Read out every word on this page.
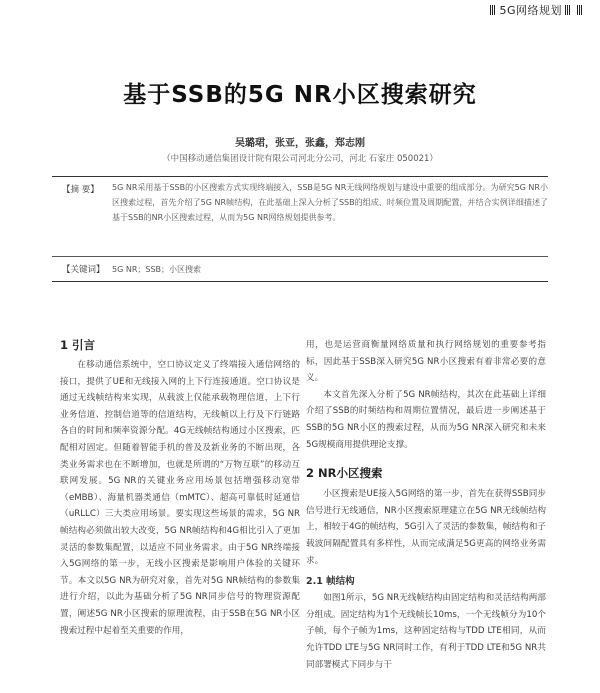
5G网络规划
基于SSB的5G NR小区搜索研究
吴璐珺，张亚，张鑫，郑志刚
（中国移动通信集团设计院有限公司河北分公司，河北 石家庄 050021）
【摘 要】 5G NR采用基于SSB的小区搜索方式实现终端接入，SSB是5G NR无线网络规划与建设中重要的组成部分。为研究5G NR小区搜索过程，首先介绍了5G NR帧结构，在此基础上深入分析了SSB的组成、时频位置及周期配置，并结合实例详细描述了基于SSB的NR小区搜索过程，从而为5G NR网络规划提供参考。
【关键词】 5G NR；SSB；小区搜索

1 引言

在移动通信系统中，空口协议定义了终端接入通信网络的接口，提供了UE和无线接入网的上下行连接通道。空口协议是通过无线帧结构来实现，从载波上仅能承载物理信道，上下行业务信道、控制信道等的信道结构，无线帧以上行及下行链路各自的时间和频率资源分配。4G无线帧结构通过小区搜索，匹配相对固定。但随着智能手机的普及及新业务的不断出现，各类业务需求也在不断增加，也就是所谓的“万物互联”的移动互联网发展。5G NR的关键业务应用场景包括增强移动宽带（eMBB）、海量机器类通信（mMTC）、超高可靠低时延通信（uRLLC）三大类应用场景。要实现这些场景的需求，5G NR帧结构必须做出较大改变，5G NR帧结构和4G相比引入了更加灵活的参数集配置，以适应不同业务需求。由于5G NR终端接入5G网络的第一步，无线小区搜索是影响用户体验的关键环节。本文以5G NR为研究对象，首先对5G NR帧结构的参数集进行介绍，以此为基础分析了5G NR同步信号的物理资源配置，阐述5G NR小区搜索的原理流程，由于SSB在5G NR小区搜索过程中起着至关重要的作用，

用，也是运营商衡量网络质量和执行网络规划的重要参考指标，因此基于SSB深入研究5G NR小区搜索有着非常必要的意义。

本文首先深入分析了5G NR帧结构，其次在此基础上详细介绍了SSB的时频结构和周期位置情况，最后进一步阐述基于SSB的5G NR小区的搜索过程，从而为5G NR深入研究和未来5G规模商用提供理论支撑。

2 NR小区搜索

小区搜索是UE接入5G网络的第一步，首先在获得SSB同步信号进行无线通信，NR小区搜索原理建立在5G NR无线帧结构上，相较于4G的帧结构，5G引入了灵活的参数集，帧结构和子载波间隔配置具有多样性，从而完成满足5G更高的网络业务需求。

2.1 帧结构

如图1所示，5G NR无线帧结构由固定结构和灵活结构两部分组成。固定结构为1个无线帧长10ms，一个无线帧分为10个子帧，每个子帧为1ms，这种固定结构与TDD LTE相同，从而允许TDD LTE与5G NR同时工作，有利于TDD LTE和5G NR共同部署模式下同步与干
